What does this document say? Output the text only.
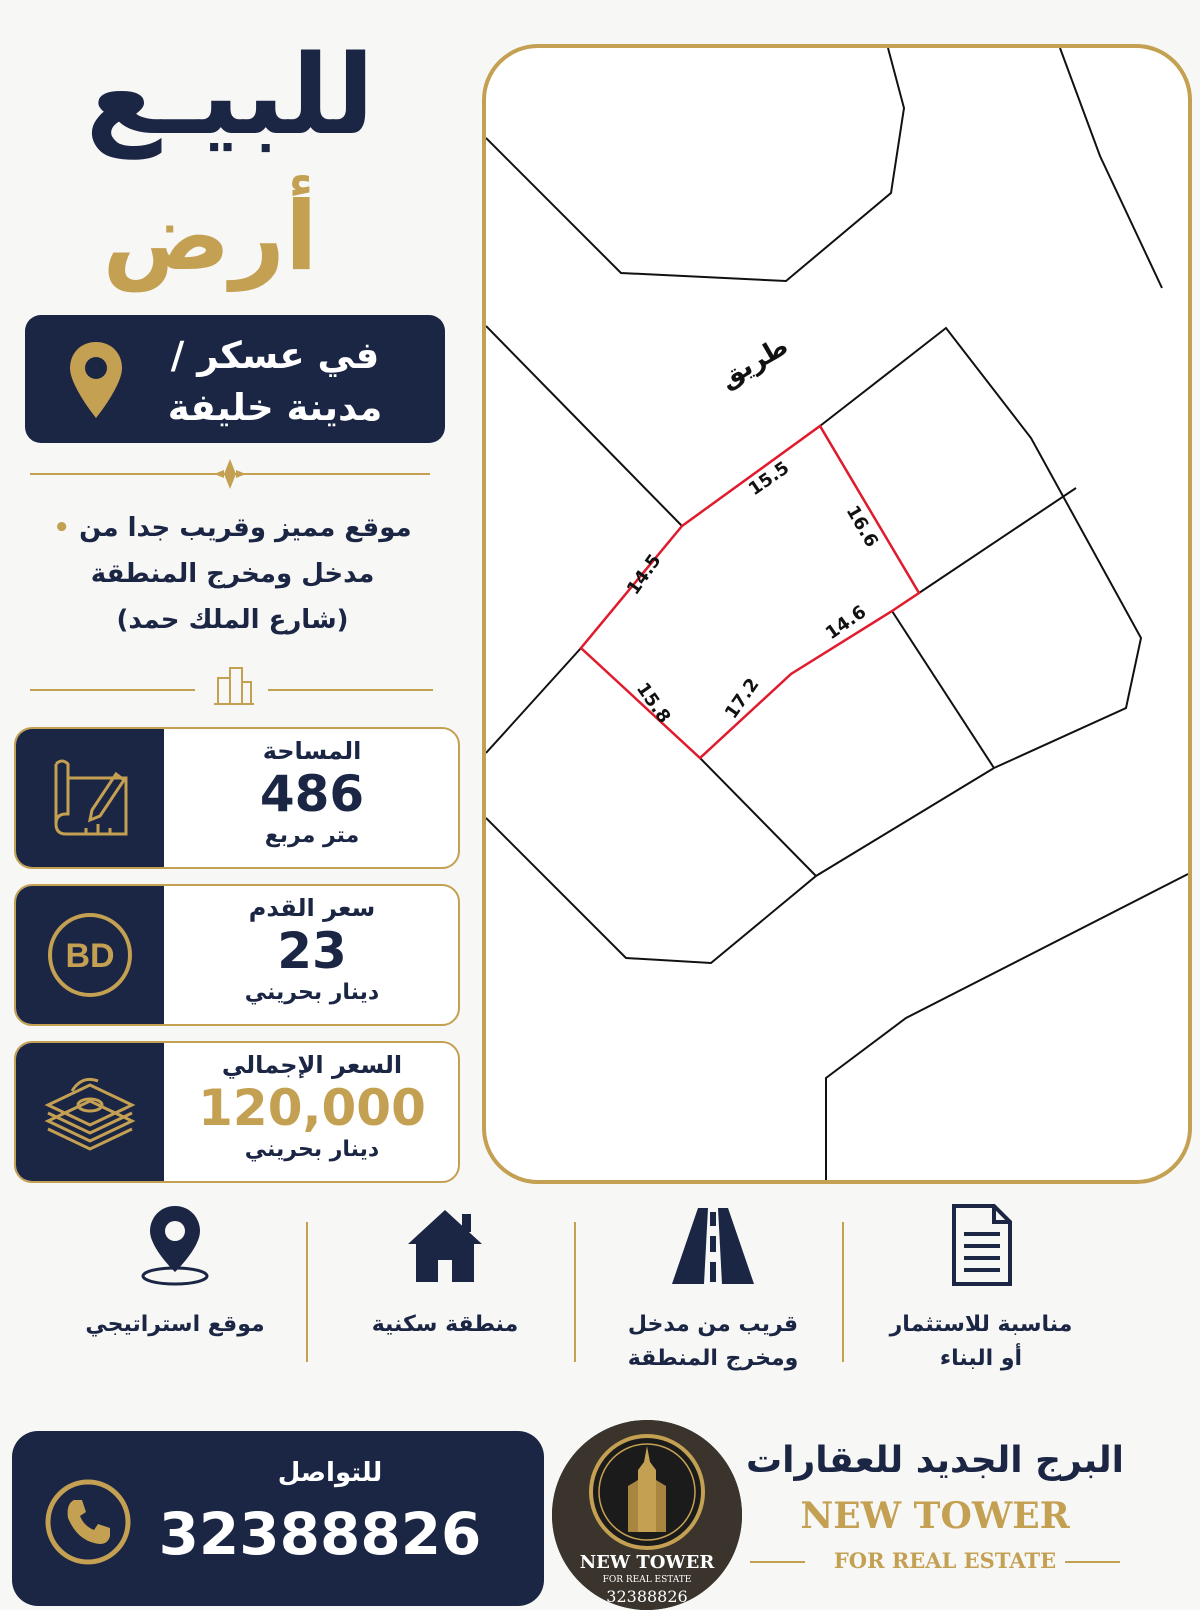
للبيـع
أرض
في عسكر /
مدينة خليفة
موقع مميز وقريب جدا من •
مدخل ومخرج المنطقة
(شارع الملك حمد)
المساحة
486
متر مربع
BD
سعر القدم
23
دينار بحريني
السعر الإجمالي
120,000
دينار بحريني
طريق
15.5
16.6
14.5
14.6
15.8	17.2
موقع استراتيجي	منطقة سكنية	قريب من مدخل
ومخرج المنطقة
مناسبة للاستثمار
أو البناء
للتواصل
32388826	NEW TOWER
FOR REAL ESTATE
32388826
البرج الجديد للعقارات
NEW TOWER
FOR REAL ESTATE
